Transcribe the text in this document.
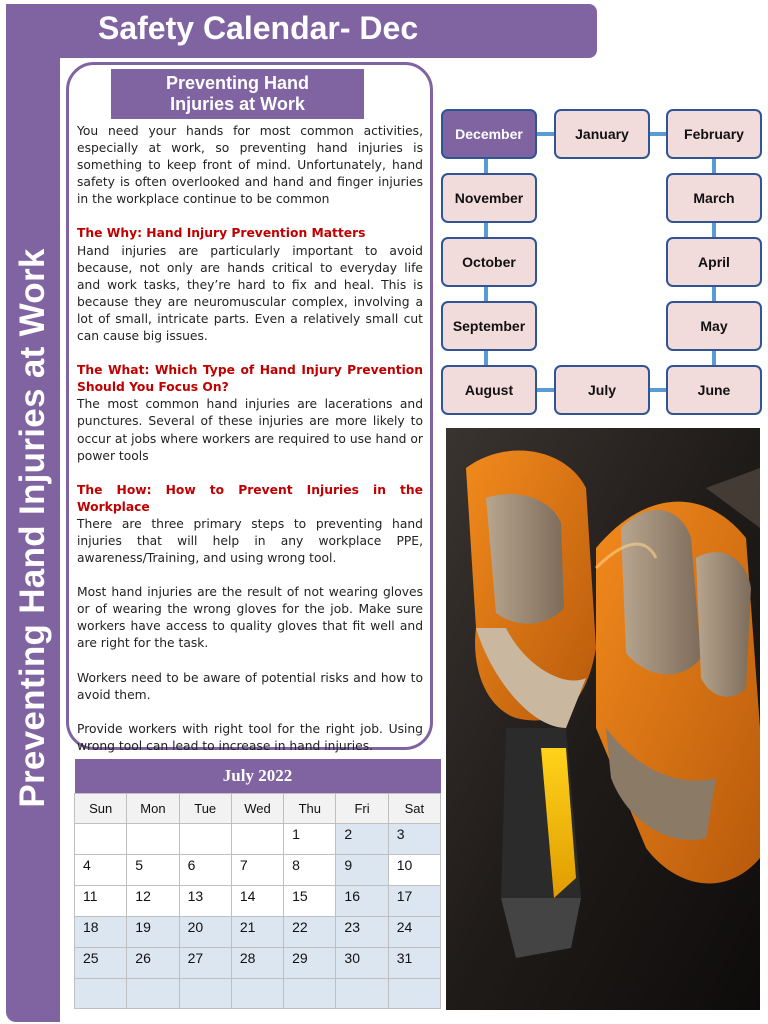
Safety Calendar- Dec
Preventing Hand Injuries at Work
Preventing Hand
Injuries at Work

You need your hands for most common activities, especially at work, so preventing hand injuries is something to keep front of mind. Unfortunately, hand safety is often overlooked and hand and finger injuries in the workplace continue to be common

The Why: Hand Injury Prevention Matters

Hand injuries are particularly important to avoid because, not only are hands critical to everyday life and work tasks, they’re hard to fix and heal. This is because they are neuromuscular complex, involving a lot of small, intricate parts. Even a relatively small cut can cause big issues.

The What: Which Type of Hand Injury Prevention Should You Focus On?

The most common hand injuries are lacerations and punctures. Several of these injuries are more likely to occur at jobs where workers are required to use hand or power tools

The How: How to Prevent Injuries in the Workplace

There are three primary steps to preventing hand injuries that will help in any workplace PPE, awareness/Training, and using wrong tool.

Most hand injuries are the result of not wearing gloves or of wearing the wrong gloves for the job. Make sure workers have access to quality gloves that fit well and are right for the task.

Workers need to be aware of potential risks and how to avoid them.

Provide workers with right tool for the right job. Using wrong tool can lead to increase in hand injuries.

December	January	February
November	March
October	April
September	May
August	July	June
July 2022						
Sun	Mon	Tue	Wed	Thu	Fri	Sat
				1	2	3
4	5	6	7	8	9	10
11	12	13	14	15	16	17
18	19	20	21	22	23	24
25	26	27	28	29	30	31
